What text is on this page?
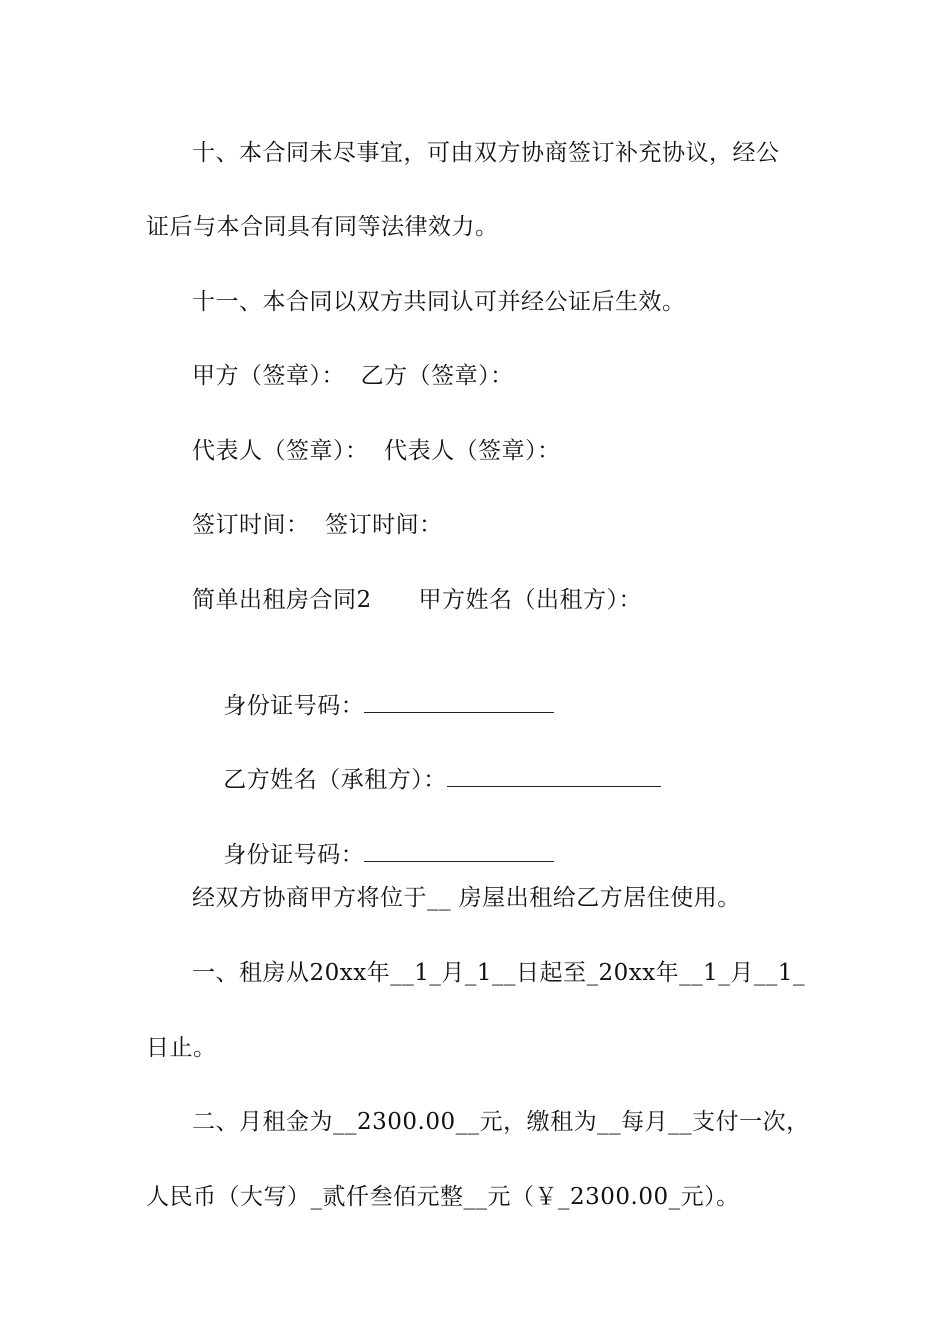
十、本合同未尽事宜，可由双方协商签订补充协议，经公
证后与本合同具有同等法律效力。
十一、本合同以双方共同认可并经公证后生效。
甲方（签章）：  乙方（签章）：
代表人（签章）：  代表人（签章）：
签订时间：  签订时间：
简单出租房合同2      甲方姓名（出租方）：

身份证号码：

乙方姓名（承租方）：

身份证号码：

经双方协商甲方将位于__ 房屋出租给乙方居住使用。
一、租房从20xx年__1_月_1__日起至_20xx年__1_月__1_
日止。
二、月租金为__2300.00__元，缴租为__每月__支付一次，
人民币（大写）_贰仟叁佰元整__元（￥_2300.00_元）。
